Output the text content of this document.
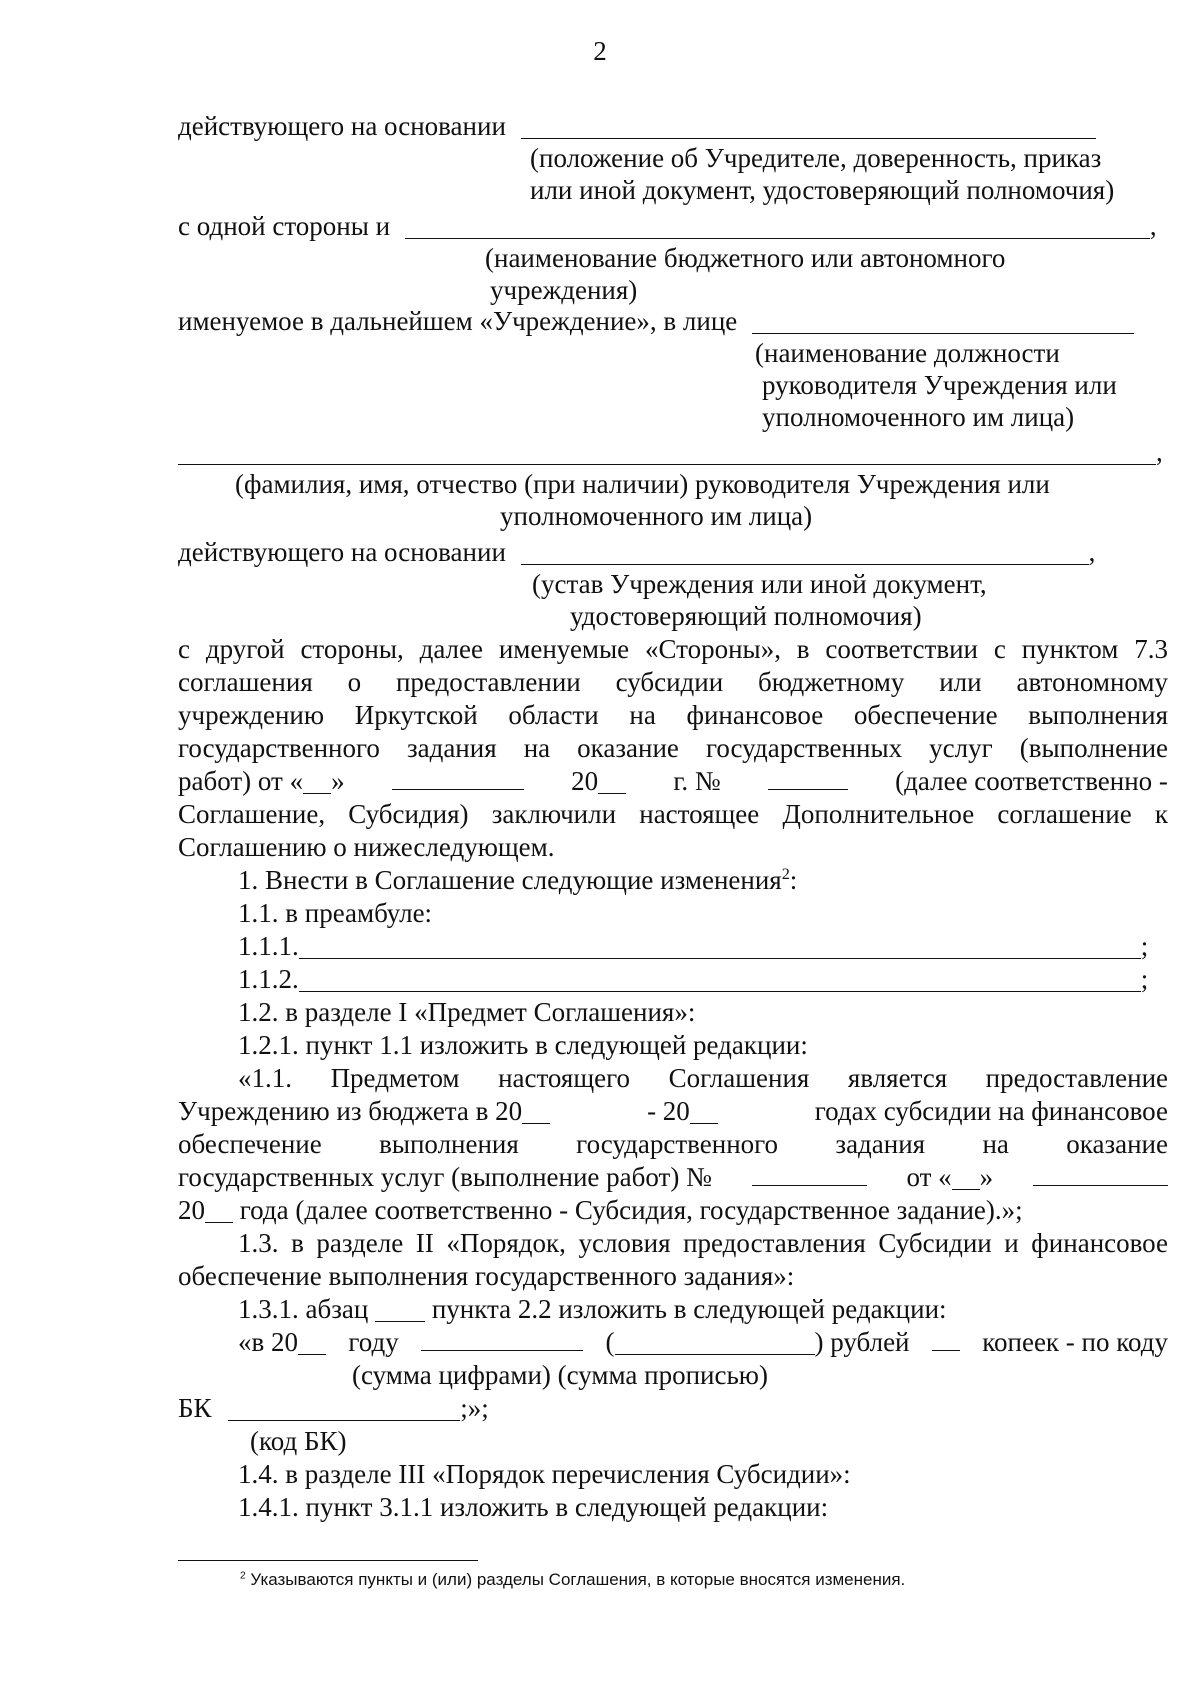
2
действующего на основании
(положение об Учредителе, доверенность, приказ
или иной документ, удостоверяющий полномочия)
с одной стороны и	,
(наименование бюджетного или автономного
учреждения)
именуемое в дальнейшем «Учреждение», в лице
(наименование должности
руководителя Учреждения или
уполномоченного им лица)
,
(фамилия, имя, отчество (при наличии) руководителя Учреждения или
уполномоченного им лица)
действующего на основании	,
(устав Учреждения или иной документ,
удостоверяющий полномочия)
с другой стороны, далее именуемые «Стороны», в соответствии с пунктом 7.3
соглашения о предоставлении субсидии бюджетному или автономному
учреждению Иркутской области на финансовое обеспечение выполнения
государственного задания на оказание государственных услуг (выполнение
работ) от « »	20	г. №	(далее соответственно -
Соглашение, Субсидия) заключили настоящее Дополнительное соглашение к
Соглашению о нижеследующем.
1. Внести в Соглашение следующие изменения$^2$:
1.1. в преамбуле:
1.1.1.	;
1.1.2.	;
1.2. в разделе I «Предмет Соглашения»:
1.2.1. пункт 1.1 изложить в следующей редакции:
«1.1. Предметом настоящего Соглашения является предоставление
Учреждению из бюджета в 20	- 20	годах субсидии на финансовое
обеспечение выполнения государственного задания на оказание
государственных услуг (выполнение работ) №	от « »
20 года (далее соответственно - Субсидия, государственное задание).»;
1.3. в разделе II «Порядок, условия предоставления Субсидии и финансовое
обеспечение выполнения государственного задания»:
1.3.1. абзац пункта 2.2 изложить в следующей редакции:
«в 20	году	(	) рублей	копеек - по коду
(сумма цифрами) (сумма прописью)
БК	;»;
(код БК)
1.4. в разделе III «Порядок перечисления Субсидии»:
1.4.1. пункт 3.1.1 изложить в следующей редакции:
$^2$ Указываются пункты и (или) разделы Соглашения, в которые вносятся изменения.
